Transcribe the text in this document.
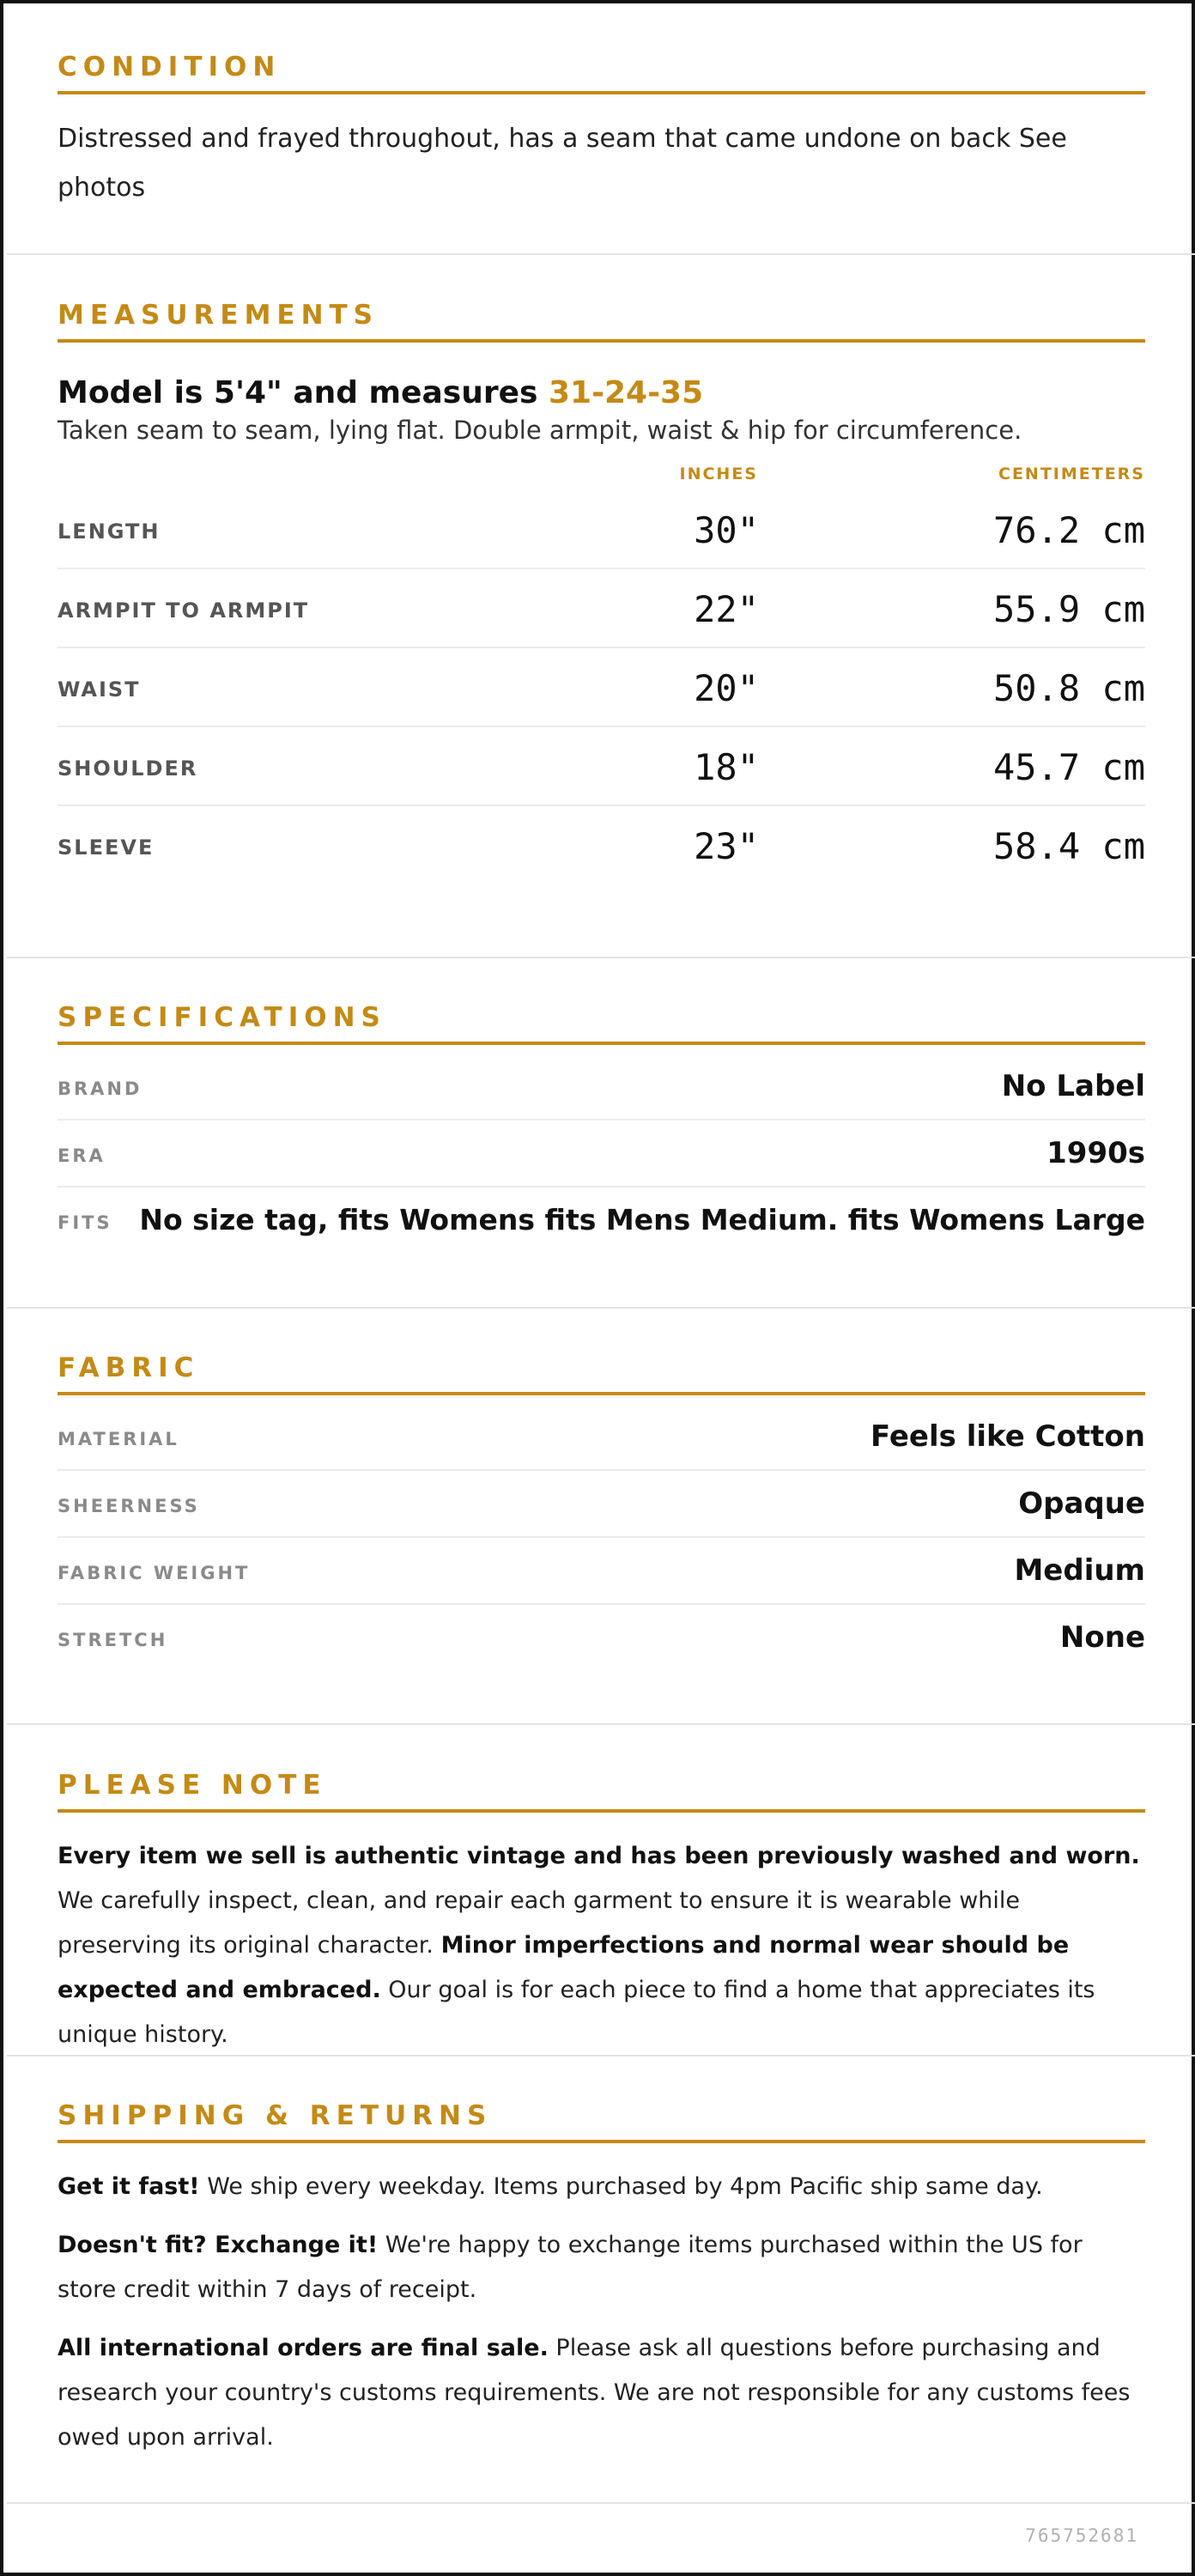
CONDITION
Distressed and frayed throughout, has a seam that came undone on back See photos
MEASUREMENTS
Model is 5'4" and measures 31-24-35
Taken seam to seam, lying flat. Double armpit, waist & hip for circumference.
INCHES	CENTIMETERS
LENGTH	30"	76.2 cm
ARMPIT TO ARMPIT	22"	55.9 cm
WAIST	20"	50.8 cm
SHOULDER	18"	45.7 cm
SLEEVE	23"	58.4 cm
SPECIFICATIONS
BRAND	No Label
ERA	1990s
FITS No size tag, fits Womens fits Mens Medium. fits Womens Large
FABRIC
MATERIAL	Feels like Cotton
SHEERNESS	Opaque
FABRIC WEIGHT	Medium
STRETCH	None
PLEASE NOTE
Every item we sell is authentic vintage and has been previously washed and worn. We carefully inspect, clean, and repair each garment to ensure it is wearable while preserving its original character. Minor imperfections and normal wear should be expected and embraced. Our goal is for each piece to find a home that appreciates its unique history.
SHIPPING & RETURNS
Get it fast! We ship every weekday. Items purchased by 4pm Pacific ship same day.
Doesn't fit? Exchange it! We're happy to exchange items purchased within the US for store credit within 7 days of receipt.
All international orders are final sale. Please ask all questions before purchasing and research your country's customs requirements. We are not responsible for any customs fees owed upon arrival.
765752681
